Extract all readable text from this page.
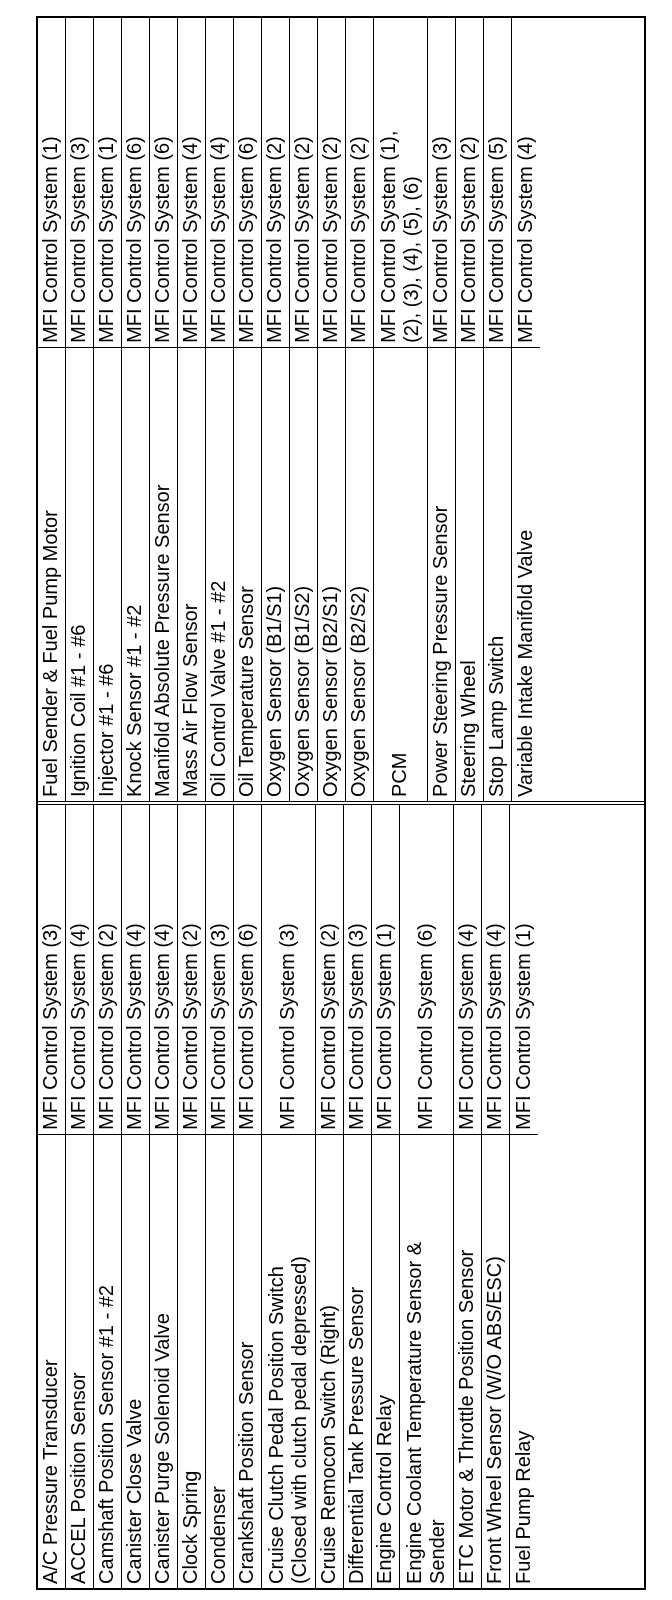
A/C Pressure Transducer
MFI Control System (3)
ACCEL Position Sensor
MFI Control System (4)
Camshaft Position Sensor #1 - #2
MFI Control System (2)
Canister Close Valve
MFI Control System (4)
Canister Purge Solenoid Valve
MFI Control System (4)
Clock Spring
MFI Control System (2)
Condenser
MFI Control System (3)
Crankshaft Position Sensor
MFI Control System (6)
Cruise Clutch Pedal Position Switch
(Closed with clutch pedal depressed)
MFI Control System (3)
Cruise Remocon Switch (Right)
MFI Control System (2)
Differential Tank Pressure Sensor
MFI Control System (3)
Engine Control Relay
MFI Control System (1)
Engine Coolant Temperature Sensor &
Sender
MFI Control System (6)
ETC Motor & Throttle Position Sensor
MFI Control System (4)
Front Wheel Sensor (W/O ABS/ESC)
MFI Control System (4)
Fuel Pump Relay
MFI Control System (1)
Fuel Sender & Fuel Pump Motor
MFI Control System (1)
Ignition Coil #1 - #6
MFI Control System (3)
Injector #1 - #6
MFI Control System (1)
Knock Sensor #1 - #2
MFI Control System (6)
Manifold Absolute Pressure Sensor
MFI Control System (6)
Mass Air Flow Sensor
MFI Control System (4)
Oil Control Valve #1 - #2
MFI Control System (4)
Oil Temperature Sensor
MFI Control System (6)
Oxygen Sensor (B1/S1)
MFI Control System (2)
Oxygen Sensor (B1/S2)
MFI Control System (2)
Oxygen Sensor (B2/S1)
MFI Control System (2)
Oxygen Sensor (B2/S2)
MFI Control System (2)
PCM
MFI Control System (1),
(2), (3), (4), (5), (6)
Power Steering Pressure Sensor
MFI Control System (3)
Steering Wheel
MFI Control System (2)
Stop Lamp Switch
MFI Control System (5)
Variable Intake Manifold Valve
MFI Control System (4)
